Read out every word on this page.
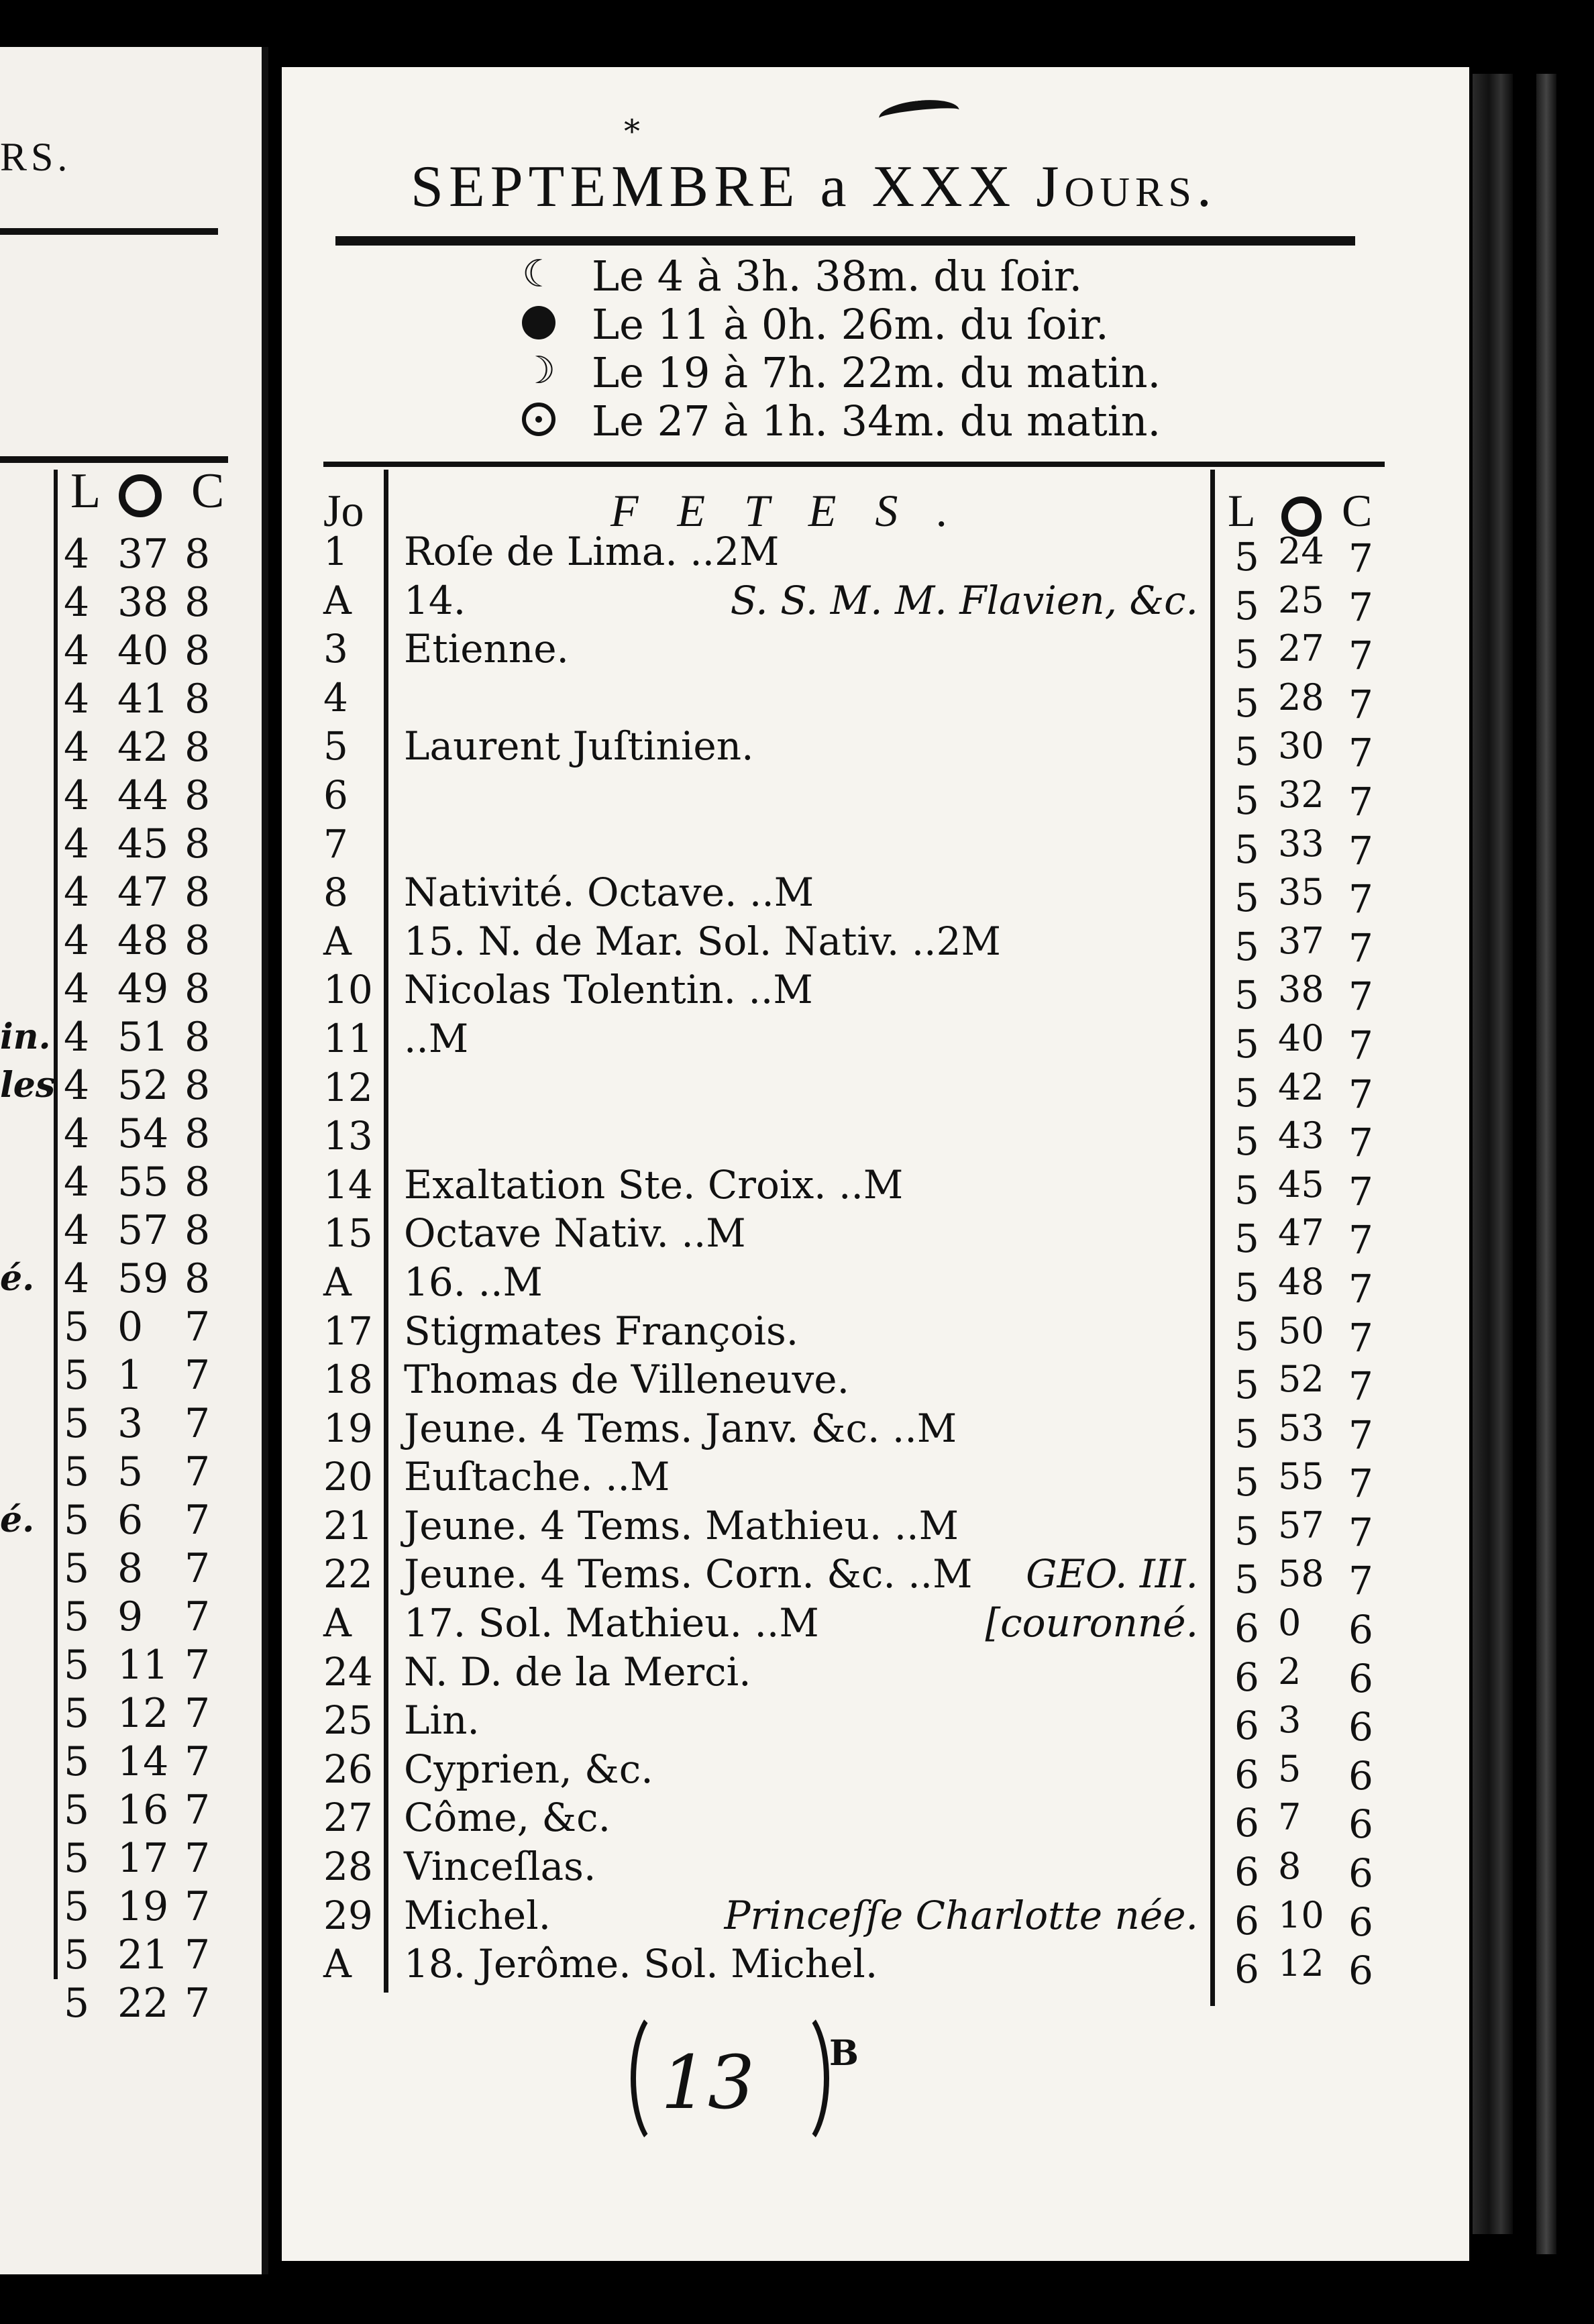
RS.
L C
4 37 8
4 38 8
4 40 8
4 41 8
4 42 8
4 44 8
4 45 8
4 47 8
4 48 8
4 49 8
in. 4 51 8
les 4 52 8
4 54 8
4 55 8
4 57 8
é. 4 59 8
5 0 7
5 1 7
5 3 7
5 5 7
é. 5 6 7
5 8 7
5 9 7
5 11 7
5 12 7
5 14 7
5 16 7
5 17 7
5 19 7
5 21 7
5 22 7
*
SEPTEMBRE a XXX JOURS.
☾ Le 4 à 3h. 38m. du ſoir.
Le 11 à 0h. 26m. du ſoir.
☽ Le 19 à 7h. 22m. du matin.
Le 27 à 1h. 34m. du matin.
Jo	FETES.	L C
1 Roſe de Lima. ..2M	5 24 7
A 14.	S. S. M. M. Flavien, &c. 5 25 7
3 Etienne.	5 27 7
4	5 28 7
5 Laurent Juſtinien.	5 30 7
6	5 32 7
7	5 33 7
8 Nativité. Octave. ..M	5 35 7
A 15. N. de Mar. Sol. Nativ. ..2M	5 37 7
10 Nicolas Tolentin. ..M	5 38 7
11 ..M	5 40 7
12	5 42 7
13	5 43 7
14 Exaltation Ste. Croix. ..M	5 45 7
15 Octave Nativ. ..M	5 47 7
A 16. ..M	5 48 7
17 Stigmates François.	5 50 7
18 Thomas de Villeneuve.	5 52 7
19 Jeune. 4 Tems. Janv. &c. ..M	5 53 7
20 Euſtache. ..M	5 55 7
21 Jeune. 4 Tems. Mathieu. ..M	5 57 7
22 Jeune. 4 Tems. Corn. &c. ..M GEO. III. 5 58 7
A 17. Sol. Mathieu. ..M	[couronné. 6 0 6
24 N. D. de la Merci.	6 2 6
25 Lin.	6 3 6
26 Cyprien, &c.	6 5 6
27 Côme, &c.	6 7 6
28 Vinceſlas.	6 8 6
29 Michel.	Princeſſe Charlotte née. 6 10 6
A 18. Jerôme. Sol. Michel.	6 12 6
13 B
